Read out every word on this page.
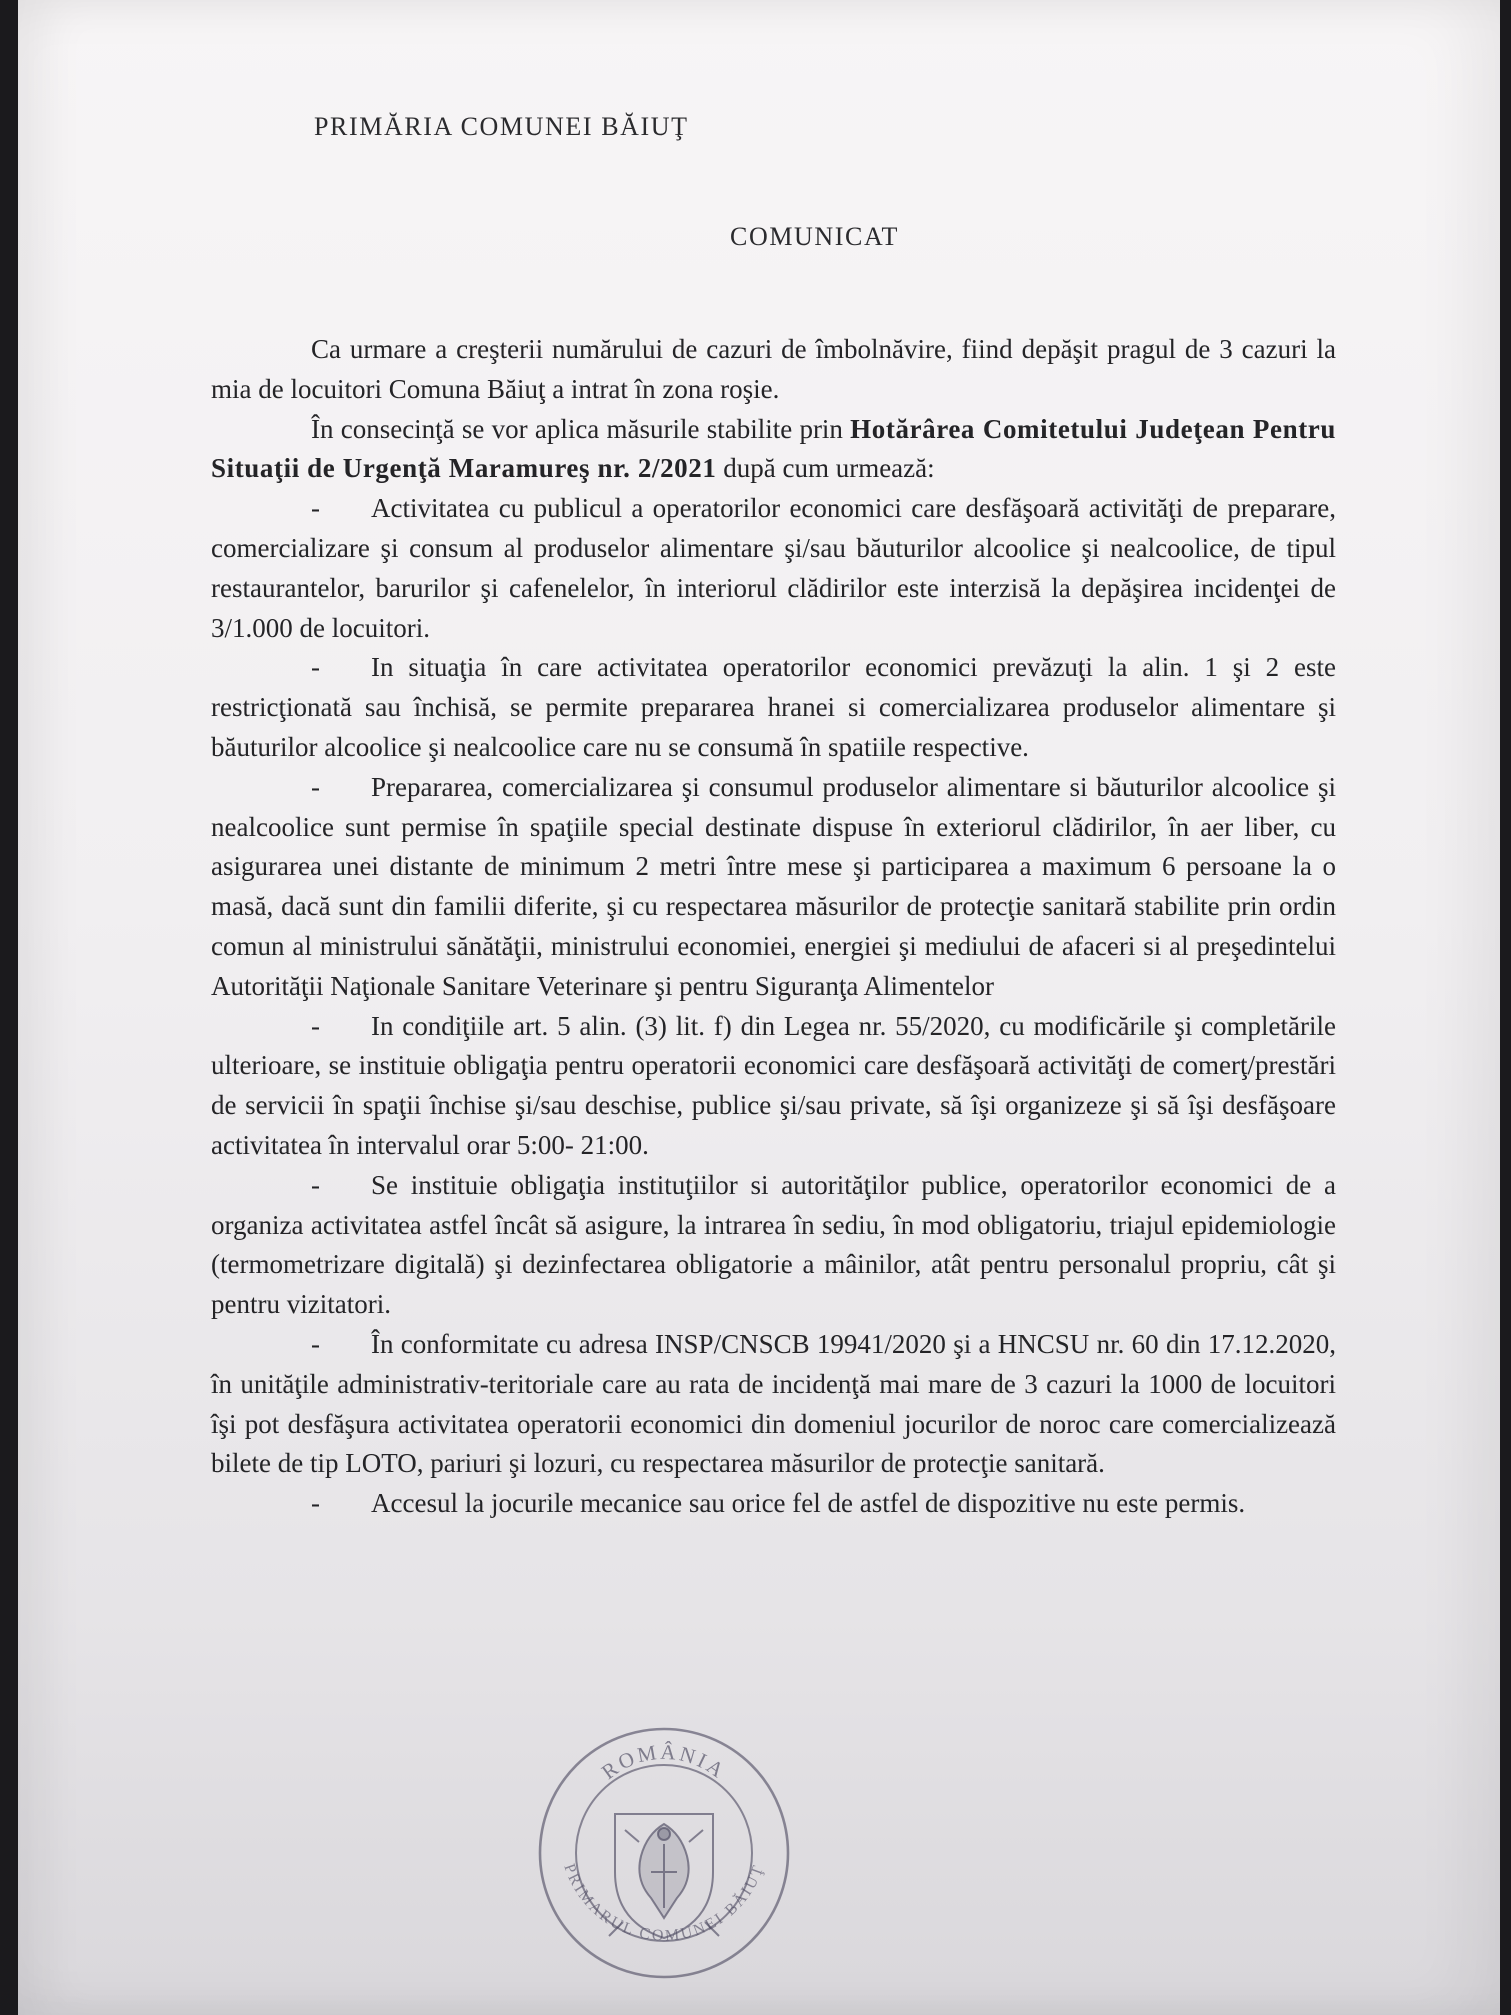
PRIMĂRIA COMUNEI BĂIUŢ
COMUNICAT

Ca urmare a creşterii numărului de cazuri de îmbolnăvire, fiind depăşit pragul de 3 cazuri la mia de locuitori Comuna Băiuţ a intrat în zona roşie.

În consecinţă se vor aplica măsurile stabilite prin Hotărârea Comitetului Judeţean Pentru Situaţii de Urgenţă Maramureş nr. 2/2021 după cum urmează:

- Activitatea cu publicul a operatorilor economici care desfăşoară activităţi de preparare, comercializare şi consum al produselor alimentare şi/sau băuturilor alcoolice şi nealcoolice, de tipul restaurantelor, barurilor şi cafenelelor, în interiorul clădirilor este interzisă la depăşirea incidenţei de 3/1.000 de locuitori.

- In situaţia în care activitatea operatorilor economici prevăzuţi la alin. 1 şi 2 este restricţionată sau închisă, se permite prepararea hranei si comercializarea produselor alimentare şi băuturilor alcoolice şi nealcoolice care nu se consumă în spatiile respective.

- Prepararea, comercializarea şi consumul produselor alimentare si băuturilor alcoolice şi nealcoolice sunt permise în spaţiile special destinate dispuse în exteriorul clădirilor, în aer liber, cu asigurarea unei distante de minimum 2 metri între mese şi participarea a maximum 6 persoane la o masă, dacă sunt din familii diferite, şi cu respectarea măsurilor de protecţie sanitară stabilite prin ordin comun al ministrului sănătăţii, ministrului economiei, energiei şi mediului de afaceri si al preşedintelui Autorităţii Naţionale Sanitare Veterinare şi pentru Siguranţa Alimentelor

- In condiţiile art. 5 alin. (3) lit. f) din Legea nr. 55/2020, cu modificările şi completările ulterioare, se instituie obligaţia pentru operatorii economici care desfăşoară activităţi de comerţ/prestări de servicii în spaţii închise şi/sau deschise, publice şi/sau private, să îşi organizeze şi să îşi desfăşoare activitatea în intervalul orar 5:00- 21:00.

- Se instituie obligaţia instituţiilor si autorităţilor publice, operatorilor economici de a organiza activitatea astfel încât să asigure, la intrarea în sediu, în mod obligatoriu, triajul epidemiologie (termometrizare digitală) şi dezinfectarea obligatorie a mâinilor, atât pentru personalul propriu, cât şi pentru vizitatori.

- În conformitate cu adresa INSP/CNSCB 19941/2020 şi a HNCSU nr. 60 din 17.12.2020, în unităţile administrativ-teritoriale care au rata de incidenţă mai mare de 3 cazuri la 1000 de locuitori îşi pot desfăşura activitatea operatorii economici din domeniul jocurilor de noroc care comercializează bilete de tip LOTO, pariuri şi lozuri, cu respectarea măsurilor de protecţie sanitară.

- Accesul la jocurile mecanice sau orice fel de astfel de dispozitive nu este permis.

ROMÂNIA
PRIMARUL COMUNEI BĂIUŢ
